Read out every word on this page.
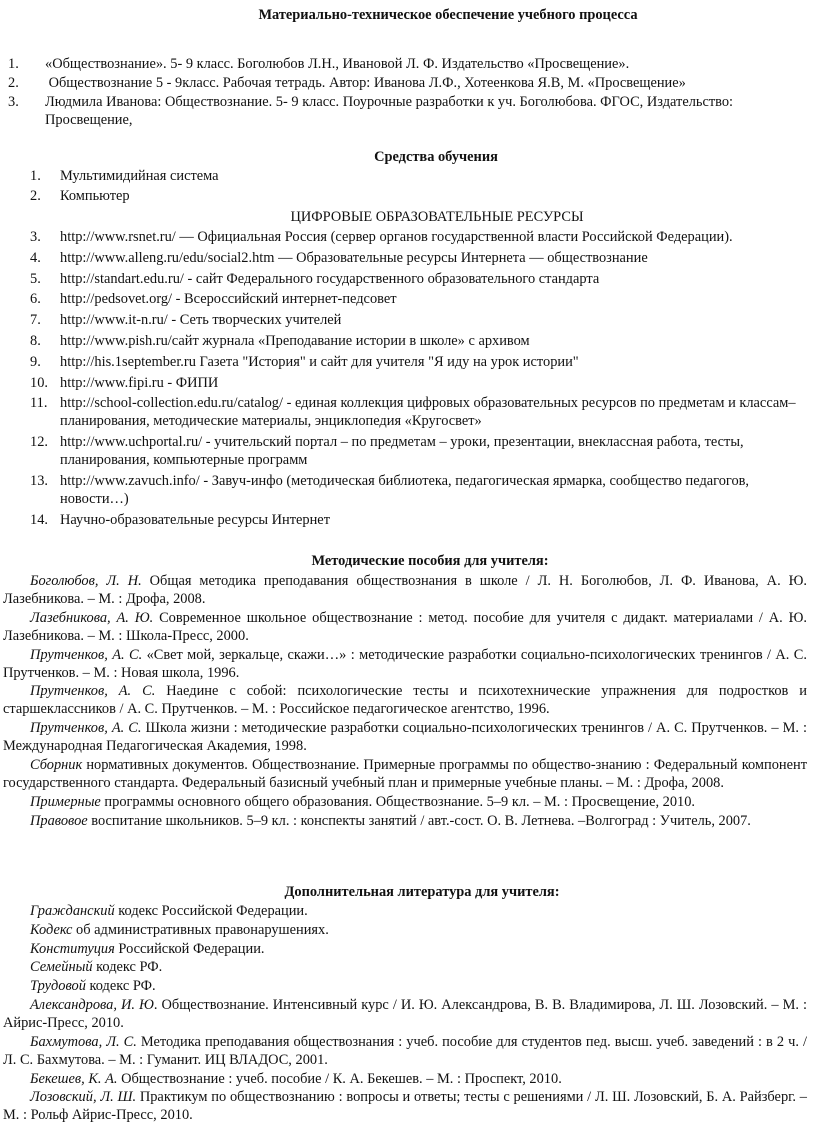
Материально-техническое обеспечение учебного процесса
1. «Обществознание». 5- 9 класс. Боголюбов Л.Н., Ивановой Л. Ф. Издательство «Просвещение».
2. Обществознание 5 - 9класс. Рабочая тетрадь. Автор: Иванова Л.Ф., Хотеенкова Я.В, М. «Просвещение»
3. Людмила Иванова: Обществознание. 5- 9 класс. Поурочные разработки к уч. Боголюбова. ФГОС, Издательство: Просвещение,
Средства обучения
1. Мультимидийная система
2. Компьютер
ЦИФРОВЫЕ ОБРАЗОВАТЕЛЬНЫЕ РЕСУРСЫ
3. http://www.rsnet.ru/ — Официальная Россия (сервер органов государственной власти Российской Федерации).
4. http://www.alleng.ru/edu/social2.htm — Образовательные ресурсы Интернета — обществознание
5. http://standart.edu.ru/ - сайт Федерального государственного образовательного стандарта
6. http://pedsovet.org/ - Всероссийский интернет-педсовет
7. http://www.it-n.ru/ - Сеть творческих учителей
8. http://www.pish.ru/сайт журнала «Преподавание истории в школе» с архивом
9. http://his.1september.ru Газета "История" и сайт для учителя "Я иду на урок истории"
10. http://www.fipi.ru - ФИПИ
11. http://school-collection.edu.ru/catalog/ - единая коллекция цифровых образовательных ресурсов по предметам и классам– планирования, методические материалы, энциклопедия «Кругосвет»
12. http://www.uchportal.ru/ - учительский портал – по предметам – уроки, презентации, внеклассная работа, тесты, планирования, компьютерные программ
13. http://www.zavuch.info/ - Завуч-инфо (методическая библиотека, педагогическая ярмарка, сообщество педагогов, новости…)
14. Научно-образовательные ресурсы Интернет
Методические пособия для учителя:
Боголюбов, Л. Н. Общая методика преподавания обществознания в школе / Л. Н. Боголюбов, Л. Ф. Иванова, А. Ю. Лазебникова. – М. : Дрофа, 2008.
Лазебникова, А. Ю. Современное школьное обществознание : метод. пособие для учителя с дидакт. материалами / А. Ю. Лазебникова. – М. : Школа-Пресс, 2000.
Прутченков, А. С. «Свет мой, зеркальце, скажи…» : методические разработки социально-психологических тренингов / А. С. Прутченков. – М. : Новая школа, 1996.
Прутченков, А. С. Наедине с собой: психологические тесты и психотехнические упражнения для подростков и старшеклассников / А. С. Прутченков. – М. : Российское педагогическое агентство, 1996.
Прутченков, А. С. Школа жизни : методические разработки социально-психологических тренингов / А. С. Прутченков. – М. : Международная Педагогическая Академия, 1998.
Сборник нормативных документов. Обществознание. Примерные программы по общество-знанию : Федеральный компонент государственного стандарта. Федеральный базисный учебный план и примерные учебные планы. – М. : Дрофа, 2008.
Примерные программы основного общего образования. Обществознание. 5–9 кл. – М. : Просвещение, 2010.
Правовое воспитание школьников. 5–9 кл. : конспекты занятий / авт.-сост. О. В. Летнева. –Волгоград : Учитель, 2007.
Дополнительная литература для учителя:
Гражданский кодекс Российской Федерации.
Кодекс об административных правонарушениях.
Конституция Российской Федерации.
Семейный кодекс РФ.
Трудовой кодекс РФ.
Александрова, И. Ю. Обществознание. Интенсивный курс / И. Ю. Александрова, В. В. Владимирова, Л. Ш. Лозовский. – М. : Айрис-Пресс, 2010.
Бахмутова, Л. С. Методика преподавания обществознания : учеб. пособие для студентов пед. высш. учеб. заведений : в 2 ч. / Л. С. Бахмутова. – М. : Гуманит. ИЦ ВЛАДОС, 2001.
Бекешев, К. А. Обществознание : учеб. пособие / К. А. Бекешев. – М. : Проспект, 2010.
Лозовский, Л. Ш. Практикум по обществознанию : вопросы и ответы; тесты с решениями / Л. Ш. Лозовский, Б. А. Райзберг. – М. : Рольф Айрис-Пресс, 2010.
